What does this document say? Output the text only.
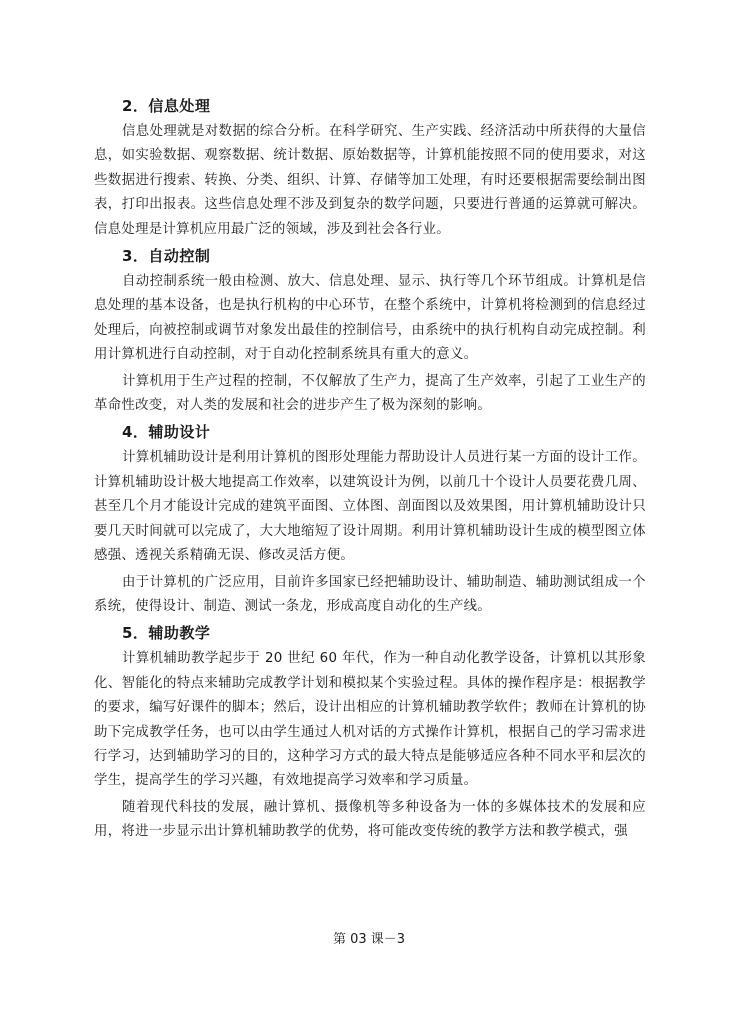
2．信息处理

信息处理就是对数据的综合分析。在科学研究、生产实践、经济活动中所获得的大量信息，如实验数据、观察数据、统计数据、原始数据等，计算机能按照不同的使用要求，对这些数据进行搜索、转换、分类、组织、计算、存储等加工处理，有时还要根据需要绘制出图表，打印出报表。这些信息处理不涉及到复杂的数学问题，只要进行普通的运算就可解决。信息处理是计算机应用最广泛的领域，涉及到社会各行业。

3．自动控制

自动控制系统一般由检测、放大、信息处理、显示、执行等几个环节组成。计算机是信息处理的基本设备，也是执行机构的中心环节，在整个系统中，计算机将检测到的信息经过处理后，向被控制或调节对象发出最佳的控制信号，由系统中的执行机构自动完成控制。利用计算机进行自动控制，对于自动化控制系统具有重大的意义。

计算机用于生产过程的控制，不仅解放了生产力，提高了生产效率，引起了工业生产的革命性改变，对人类的发展和社会的进步产生了极为深刻的影响。

4．辅助设计

计算机辅助设计是利用计算机的图形处理能力帮助设计人员进行某一方面的设计工作。计算机辅助设计极大地提高工作效率，以建筑设计为例，以前几十个设计人员要花费几周、甚至几个月才能设计完成的建筑平面图、立体图、剖面图以及效果图，用计算机辅助设计只要几天时间就可以完成了，大大地缩短了设计周期。利用计算机辅助设计生成的模型图立体感强、透视关系精确无误、修改灵活方便。

由于计算机的广泛应用，目前许多国家已经把辅助设计、辅助制造、辅助测试组成一个系统，使得设计、制造、测试一条龙，形成高度自动化的生产线。

5．辅助教学

计算机辅助教学起步于 20 世纪 60 年代，作为一种自动化教学设备，计算机以其形象化、智能化的特点来辅助完成教学计划和模拟某个实验过程。具体的操作程序是：根据教学的要求，编写好课件的脚本；然后，设计出相应的计算机辅助教学软件；教师在计算机的协助下完成教学任务，也可以由学生通过人机对话的方式操作计算机，根据自己的学习需求进行学习，达到辅助学习的目的，这种学习方式的最大特点是能够适应各种不同水平和层次的学生，提高学生的学习兴趣，有效地提高学习效率和学习质量。

随着现代科技的发展，融计算机、摄像机等多种设备为一体的多媒体技术的发展和应用，将进一步显示出计算机辅助教学的优势，将可能改变传统的教学方法和教学模式，强

第 03 课－3
